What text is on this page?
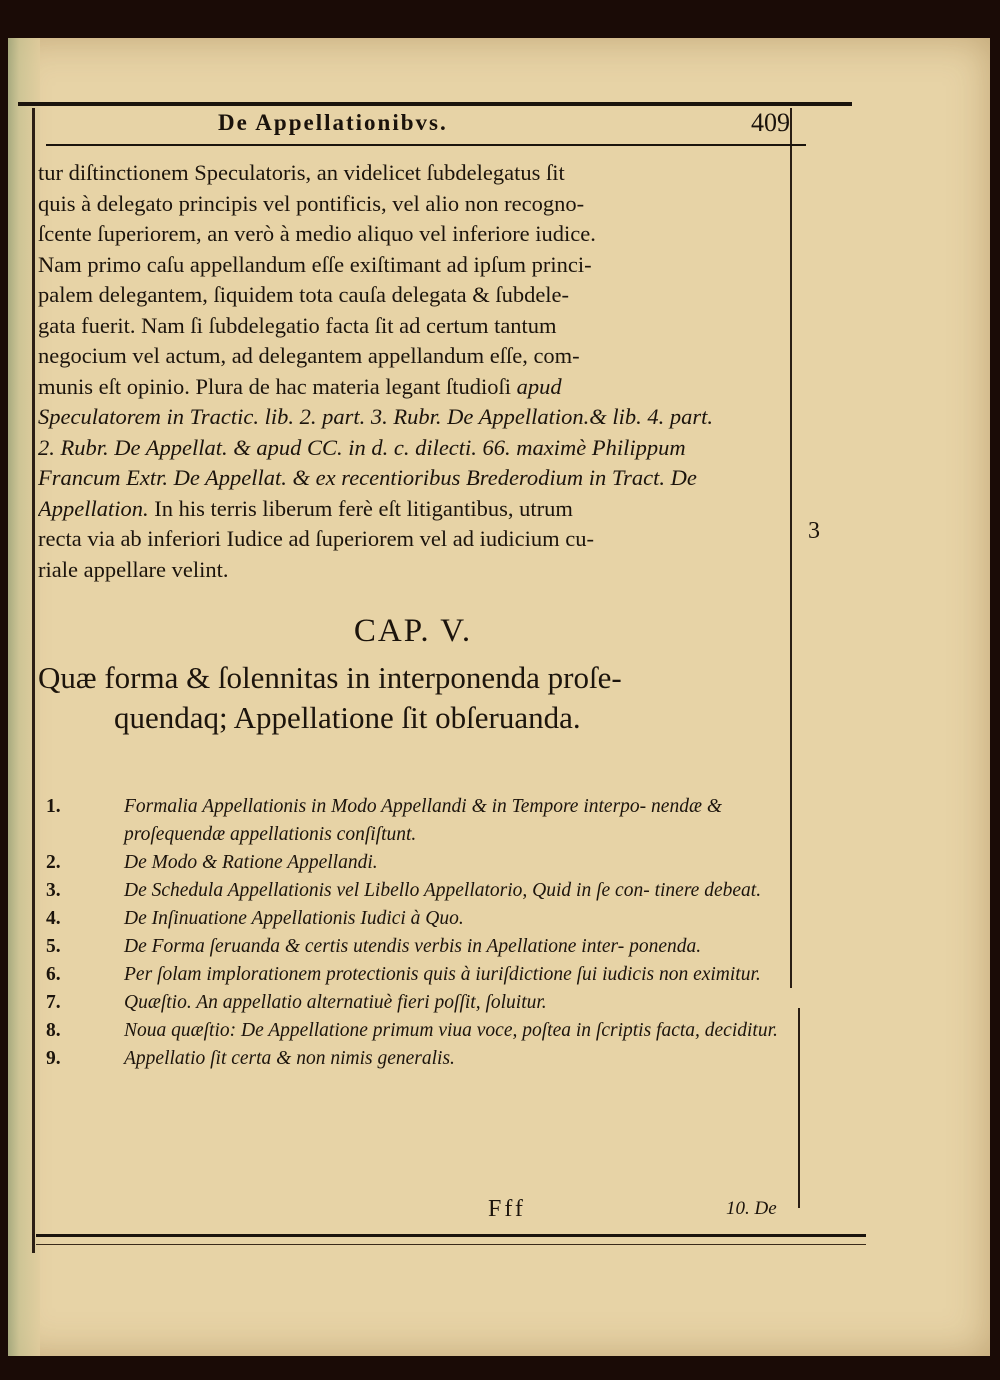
De Appellationibvs.	409
tur diſtinctionem Speculatoris, an videlicet ſubdelegatus ſit
quis à delegato principis vel pontificis, vel alio non recogno-
ſcente ſuperiorem, an verò à medio aliquo vel inferiore iudice.
Nam primo caſu appellandum eſſe exiſtimant ad ipſum princi-
palem delegantem, ſiquidem tota cauſa delegata & ſubdele-
gata fuerit. Nam ſi ſubdelegatio facta ſit ad certum tantum
negocium vel actum, ad delegantem appellandum eſſe, com-
munis eſt opinio. Plura de hac materia legant ſtudioſi apud
Speculatorem in Tractic. lib. 2. part. 3. Rubr. De Appellation.& lib. 4. part.
2. Rubr. De Appellat. & apud CC. in d. c. dilecti. 66. maximè Philippum
Francum Extr. De Appellat. & ex recentioribus Brederodium in Tract. De
Appellation. In his terris liberum ferè eſt litigantibus, utrum
recta via ab inferiori Iudice ad ſuperiorem vel ad iudicium cu-
riale appellare velint.
3
CAP. V.
Quæ forma & ſolennitas in interponenda proſe-
quendaq; Appellatione ſit obſeruanda.
1.	Formalia Appellationis in Modo Appellandi & in Tempore interpo- nendæ & proſequendæ appellationis conſiſtunt.
2.	De Modo & Ratione Appellandi.
3.	De Schedula Appellationis vel Libello Appellatorio, Quid in ſe con- tinere debeat.
4.	De Inſinuatione Appellationis Iudici à Quo.
5.	De Forma ſeruanda & certis utendis verbis in Apellatione inter- ponenda.
6.	Per ſolam implorationem protectionis quis à iuriſdictione ſui iudicis non eximitur.
7.	Quæſtio. An appellatio alternatiuè fieri poſſit, ſoluitur.
8.	Noua quæſtio: De Appellatione primum viua voce, poſtea in ſcriptis facta, deciditur.
9.	Appellatio ſit certa & non nimis generalis.
Fff	10. De
